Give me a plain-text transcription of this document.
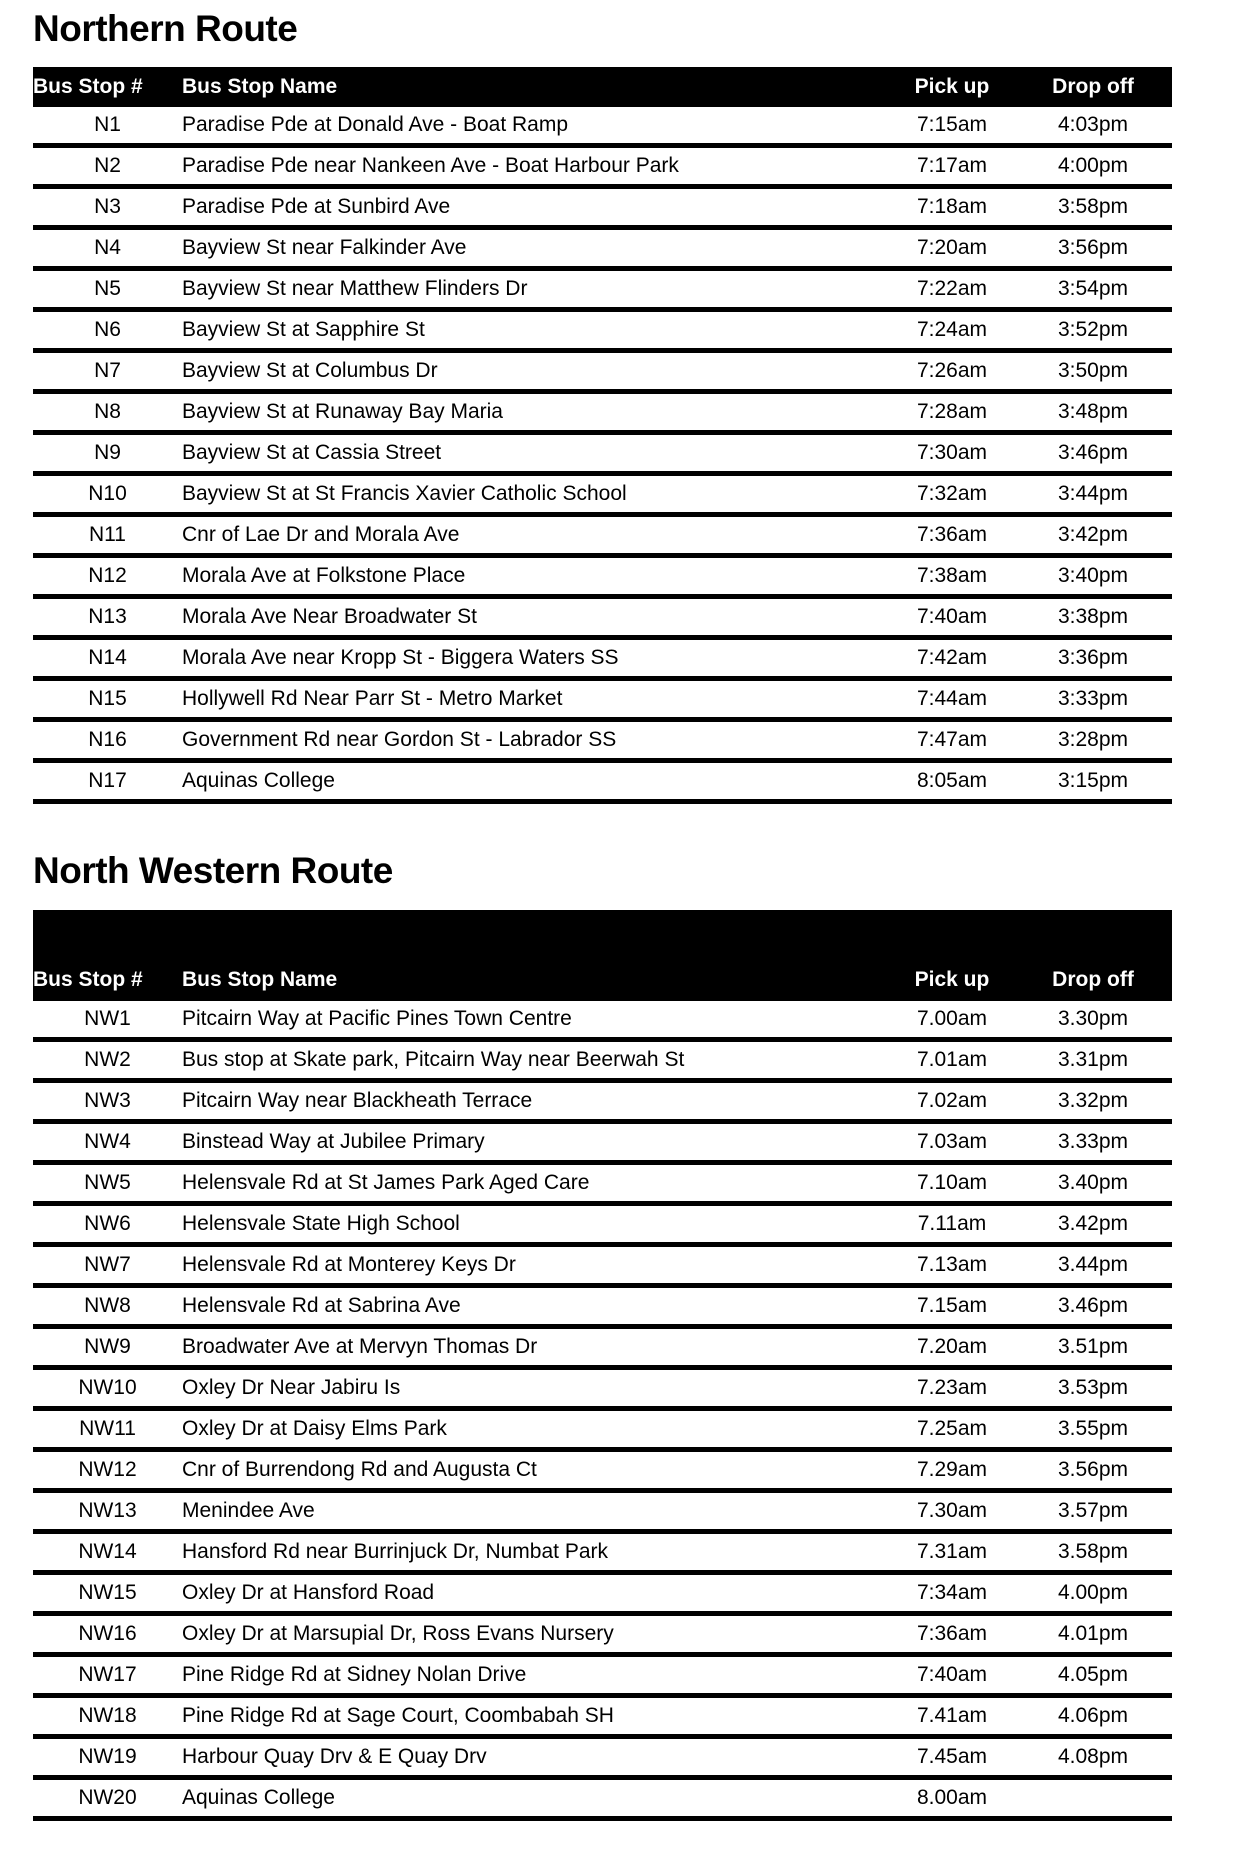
Northern Route
Bus Stop #	Bus Stop Name	Pick up	Drop off
N1	Paradise Pde at Donald Ave - Boat Ramp	7:15am	4:03pm
N2	Paradise Pde near Nankeen Ave - Boat Harbour Park	7:17am	4:00pm
N3	Paradise Pde at Sunbird Ave	7:18am	3:58pm
N4	Bayview St near Falkinder Ave	7:20am	3:56pm
N5	Bayview St near Matthew Flinders Dr	7:22am	3:54pm
N6	Bayview St at Sapphire St	7:24am	3:52pm
N7	Bayview St at Columbus Dr	7:26am	3:50pm
N8	Bayview St at Runaway Bay Maria	7:28am	3:48pm
N9	Bayview St at Cassia Street	7:30am	3:46pm
N10	Bayview St at St Francis Xavier Catholic School	7:32am	3:44pm
N11	Cnr of Lae Dr and Morala Ave	7:36am	3:42pm
N12	Morala Ave at Folkstone Place	7:38am	3:40pm
N13	Morala Ave Near Broadwater St	7:40am	3:38pm
N14	Morala Ave near Kropp St - Biggera Waters SS	7:42am	3:36pm
N15	Hollywell Rd Near Parr St - Metro Market	7:44am	3:33pm
N16	Government Rd near Gordon St - Labrador SS	7:47am	3:28pm
N17	Aquinas College	8:05am	3:15pm
North Western Route
Bus Stop #	Bus Stop Name	Pick up	Drop off
NW1	Pitcairn Way at Pacific Pines Town Centre	7.00am	3.30pm
NW2	Bus stop at Skate park, Pitcairn Way near Beerwah St	7.01am	3.31pm
NW3	Pitcairn Way near Blackheath Terrace	7.02am	3.32pm
NW4	Binstead Way at Jubilee Primary	7.03am	3.33pm
NW5	Helensvale Rd at St James Park Aged Care	7.10am	3.40pm
NW6	Helensvale State High School	7.11am	3.42pm
NW7	Helensvale Rd at Monterey Keys Dr	7.13am	3.44pm
NW8	Helensvale Rd at Sabrina Ave	7.15am	3.46pm
NW9	Broadwater Ave at Mervyn Thomas Dr	7.20am	3.51pm
NW10	Oxley Dr Near Jabiru Is	7.23am	3.53pm
NW11	Oxley Dr at Daisy Elms Park	7.25am	3.55pm
NW12	Cnr of Burrendong Rd and Augusta Ct	7.29am	3.56pm
NW13	Menindee Ave	7.30am	3.57pm
NW14	Hansford Rd near Burrinjuck Dr, Numbat Park	7.31am	3.58pm
NW15	Oxley Dr at Hansford Road	7:34am	4.00pm
NW16	Oxley Dr at Marsupial Dr, Ross Evans Nursery	7:36am	4.01pm
NW17	Pine Ridge Rd at Sidney Nolan Drive	7:40am	4.05pm
NW18	Pine Ridge Rd at Sage Court, Coombabah SH	7.41am	4.06pm
NW19	Harbour Quay Drv & E Quay Drv	7.45am	4.08pm
NW20	Aquinas College	8.00am	
